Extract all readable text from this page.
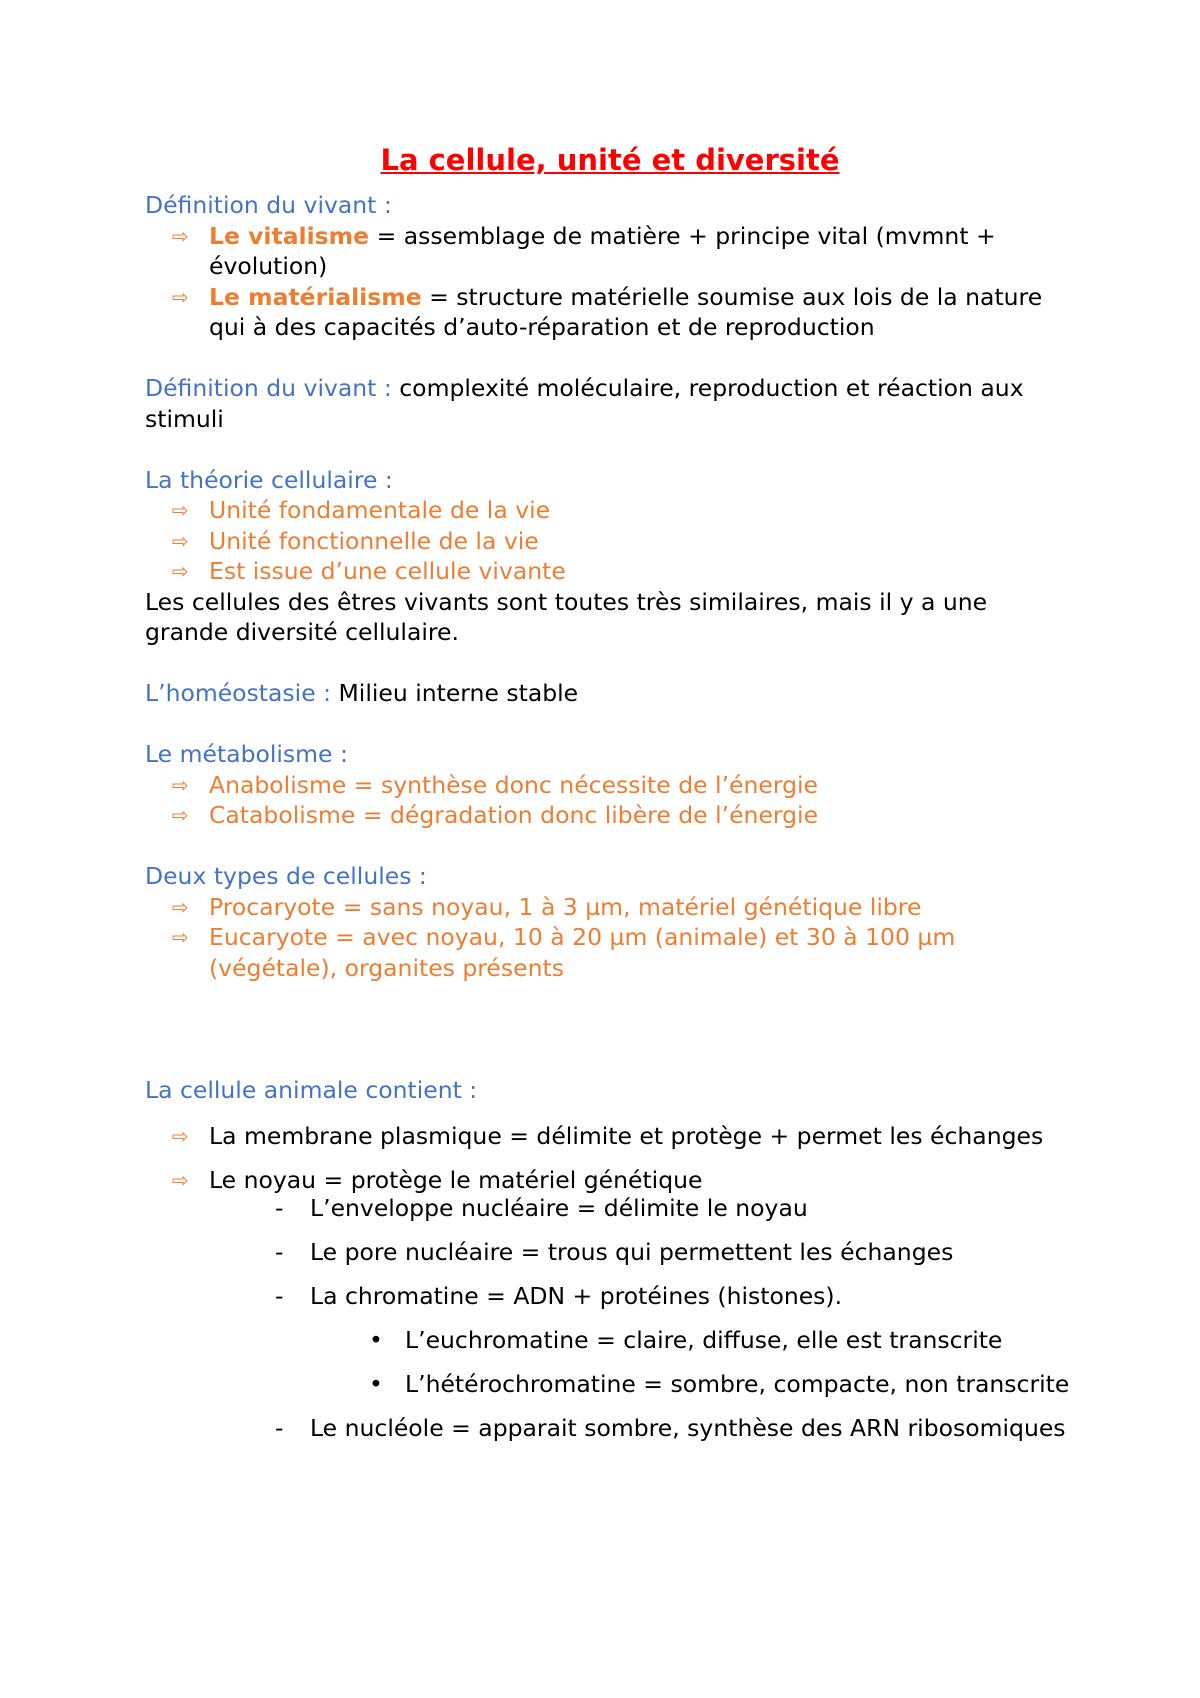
La cellule, unité et diversité

Définition du vivant :

⇨ Le vitalisme = assemblage de matière + principe vital (mvmnt + évolution)
⇨ Le matérialisme = structure matérielle soumise aux lois de la nature qui à des capacités d’auto-réparation et de reproduction

Définition du vivant : complexité moléculaire, reproduction et réaction aux stimuli

La théorie cellulaire :

⇨ Unité fondamentale de la vie
⇨ Unité fonctionnelle de la vie
⇨ Est issue d’une cellule vivante

Les cellules des êtres vivants sont toutes très similaires, mais il y a une grande diversité cellulaire.

L’homéostasie : Milieu interne stable

Le métabolisme :

⇨ Anabolisme = synthèse donc nécessite de l’énergie
⇨ Catabolisme = dégradation donc libère de l’énergie

Deux types de cellules :

⇨ Procaryote = sans noyau, 1 à 3 µm, matériel génétique libre
⇨ Eucaryote = avec noyau, 10 à 20 µm (animale) et 30 à 100 µm (végétale), organites présents

La cellule animale contient :

⇨ La membrane plasmique = délimite et protège + permet les échanges
⇨ Le noyau = protège le matériel génétique
- L’enveloppe nucléaire = délimite le noyau
- Le pore nucléaire = trous qui permettent les échanges
- La chromatine = ADN + protéines (histones).
• L’euchromatine = claire, diffuse, elle est transcrite
• L’hétérochromatine = sombre, compacte, non transcrite
- Le nucléole = apparait sombre, synthèse des ARN ribosomiques
